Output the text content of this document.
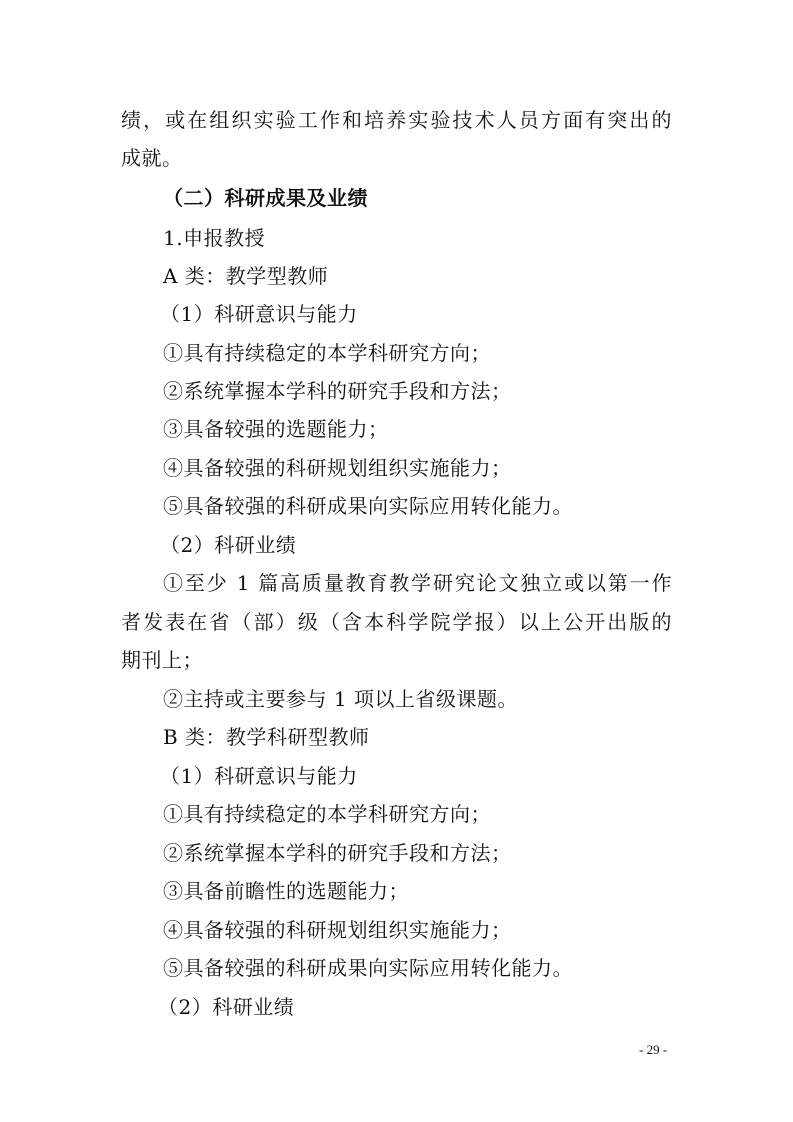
绩，或在组织实验工作和培养实验技术人员方面有突出的
成就。
（二）科研成果及业绩
1.申报教授
A 类：教学型教师
（1）科研意识与能力
①具有持续稳定的本学科研究方向；
②系统掌握本学科的研究手段和方法；
③具备较强的选题能力；
④具备较强的科研规划组织实施能力；
⑤具备较强的科研成果向实际应用转化能力。
（2）科研业绩
①至少 1 篇高质量教育教学研究论文独立或以第一作
者发表在省（部）级（含本科学院学报）以上公开出版的
期刊上；
②主持或主要参与 1 项以上省级课题。
B 类：教学科研型教师
（1）科研意识与能力
①具有持续稳定的本学科研究方向；
②系统掌握本学科的研究手段和方法；
③具备前瞻性的选题能力；
④具备较强的科研规划组织实施能力；
⑤具备较强的科研成果向实际应用转化能力。
（2）科研业绩
- 29 -
